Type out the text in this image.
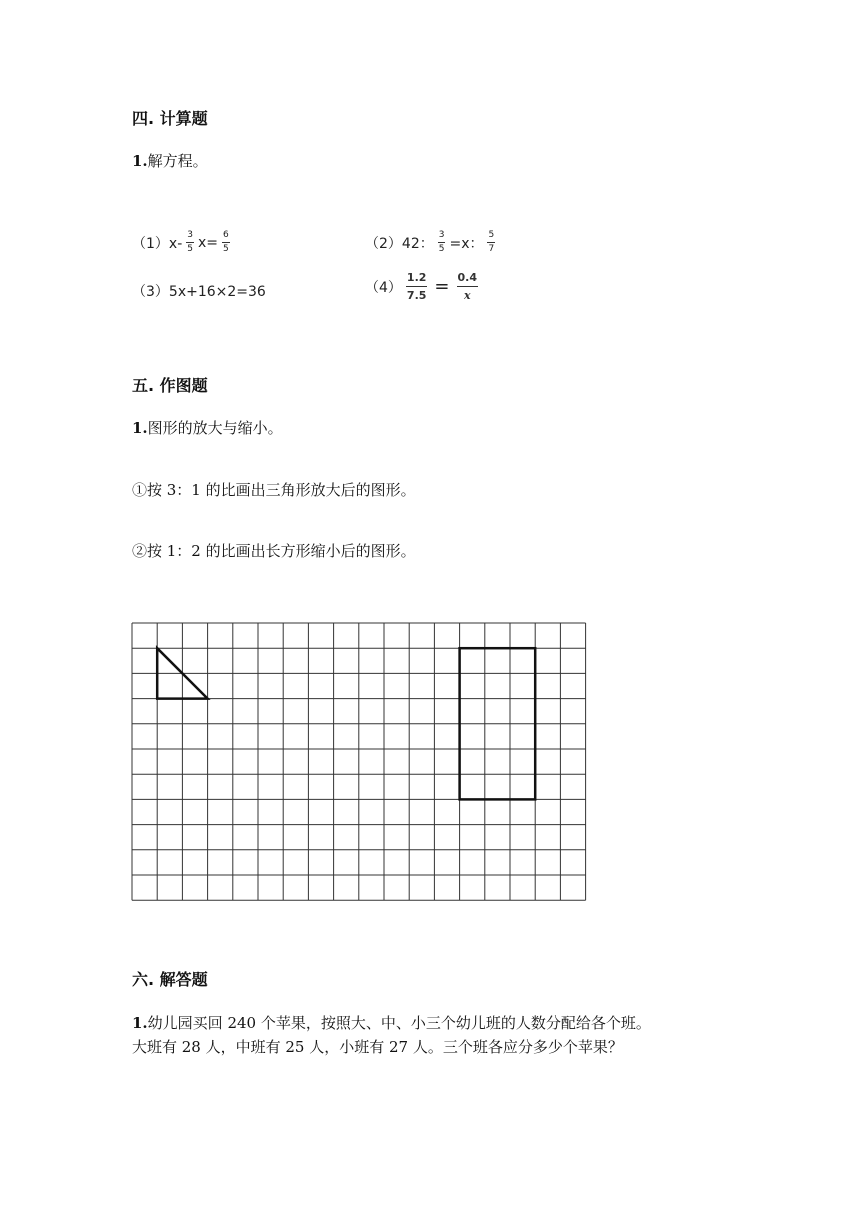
四. 计算题
1.解方程。
$(1)x- \frac{3}{5} x= \frac{6}{5}$	（2）42： $\frac{3}{5} =x$： $\frac{5}{7}$
（3）5x+16×2=36	$(4) \frac{1.2}{7.5} = \frac{0.4}{x}$
五. 作图题
1.图形的放大与缩小。
①按 3：1 的比画出三角形放大后的图形。
②按 1：2 的比画出长方形缩小后的图形。
六. 解答题
1.幼儿园买回 240 个苹果，按照大、中、小三个幼儿班的人数分配给各个班。
大班有 28 人，中班有 25 人，小班有 27 人。三个班各应分多少个苹果？
